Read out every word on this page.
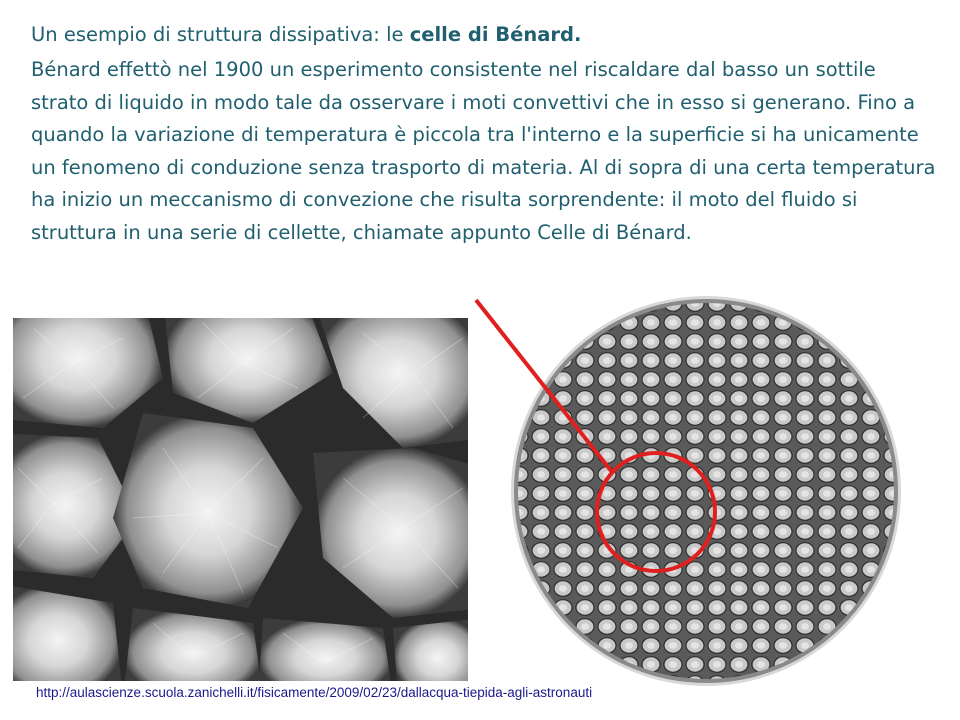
Un esempio di struttura dissipativa: le celle di Bénard.
Bénard effettò nel 1900 un esperimento consistente nel riscaldare dal basso un sottile strato di liquido in modo tale da osservare i moti convettivi che in esso si generano. Fino a quando la variazione di temperatura è piccola tra l'interno e la superficie si ha unicamente un fenomeno di conduzione senza trasporto di materia. Al di sopra di una certa temperatura ha inizio un meccanismo di convezione che risulta sorprendente: il moto del fluido si struttura in una serie di cellette, chiamate appunto Celle di Bénard.
http://aulascienze.scuola.zanichelli.it/fisicamente/2009/02/23/dallacqua-tiepida-agli-astronauti
